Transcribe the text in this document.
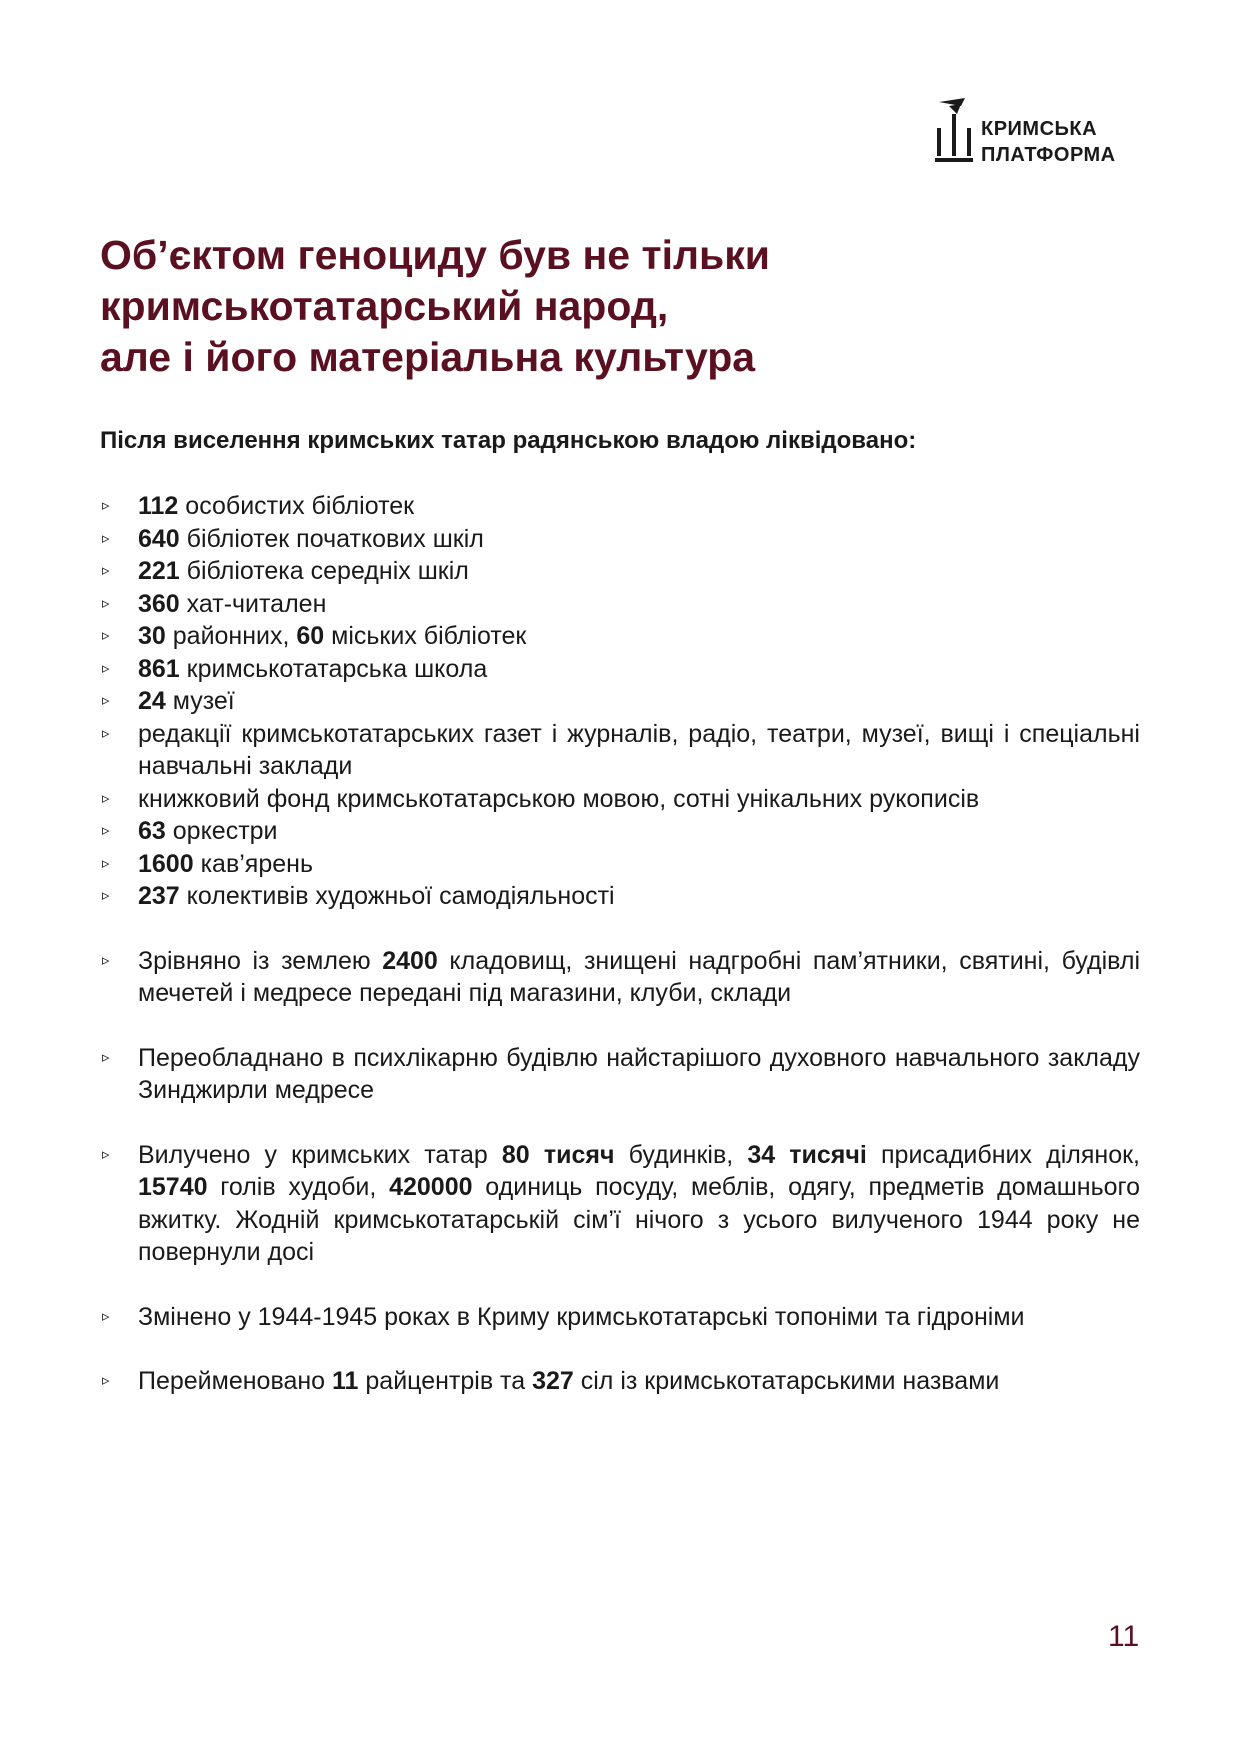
КРИМСЬКА
ПЛАТФОРМА
Об’єктом геноциду був не тільки
кримськотатарський народ,
але і його матеріальна культура
Після виселення кримських татар радянською владою ліквідовано:
▹ 112 особистих бібліотек
▹ 640 бібліотек початкових шкіл
▹ 221 бібліотека середніх шкіл
▹ 360 хат-читален
▹ 30 районних, 60 міських бібліотек
▹ 861 кримськотатарська школа
▹ 24 музеї
▹ редакції кримськотатарських газет і журналів, радіо, театри, музеї, вищі і спеціальні навчальні заклади
▹ книжковий фонд кримськотатарською мовою, сотні унікальних рукописів
▹ 63 оркестри
▹ 1600 кав’ярень
▹ 237 колективів художньої самодіяльності
▹ Зрівняно із землею 2400 кладовищ, знищені надгробні пам’ятники, святині, будівлі мечетей і медресе передані під магазини, клуби, склади
▹ Переобладнано в психлікарню будівлю найстарішого духовного навчального закладу Зинджирли медресе
▹ Вилучено у кримських татар 80 тисяч будинків, 34 тисячі присадибних ділянок, 15740 голів худоби, 420000 одиниць посуду, меблів, одягу, предметів домашнього вжитку. Жодній кримськотатарській сім’ї нічого з усього вилученого 1944 року не повернули досі
▹ Змінено у 1944-1945 роках в Криму кримськотатарські топоніми та гідроніми
▹ Перейменовано 11 райцентрів та 327 сіл із кримськотатарськими назвами
11
